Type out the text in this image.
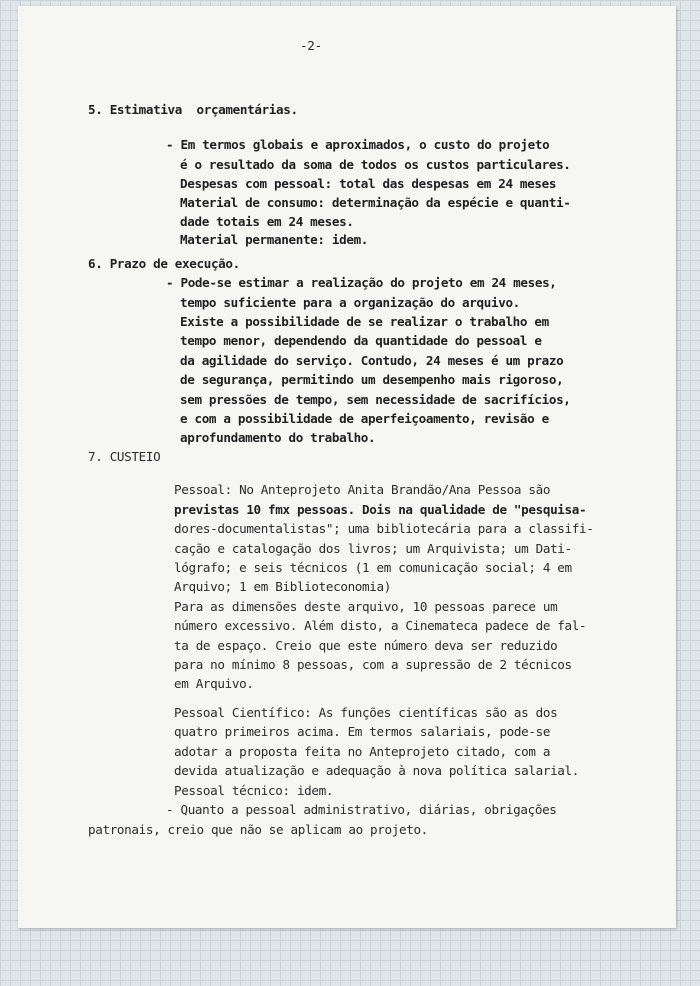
-2-
5. Estimativa  orçamentárias.
- Em termos globais e aproximados, o custo do projeto
é o resultado da soma de todos os custos particulares.
Despesas com pessoal: total das despesas em 24 meses
Material de consumo: determinação da espécie e quanti-
dade totais em 24 meses.
Material permanente: idem.
6. Prazo de execução.
- Pode-se estimar a realização do projeto em 24 meses,
tempo suficiente para a organização do arquivo.
Existe a possibilidade de se realizar o trabalho em
tempo menor, dependendo da quantidade do pessoal e
da agilidade do serviço. Contudo, 24 meses é um prazo
de segurança, permitindo um desempenho mais rigoroso,
sem pressões de tempo, sem necessidade de sacrifícios,
e com a possibilidade de aperfeiçoamento, revisão e
aprofundamento do trabalho.
7. CUSTEIO
Pessoal: No Anteprojeto Anita Brandão/Ana Pessoa são
previstas 10 fmx pessoas. Dois na qualidade de "pesquisa-
dores-documentalistas"; uma bibliotecária para a classifi-
cação e catalogação dos livros; um Arquivista; um Dati-
lógrafo; e seis técnicos (1 em comunicação social; 4 em
Arquivo; 1 em Biblioteconomia)
Para as dimensões deste arquivo, 10 pessoas parece um
número excessivo. Além disto, a Cinemateca padece de fal-
ta de espaço. Creio que este número deva ser reduzido
para no mínimo 8 pessoas, com a supressão de 2 técnicos
em Arquivo.
Pessoal Científico: As funções científicas são as dos
quatro primeiros acima. Em termos salariais, pode-se
adotar a proposta feita no Anteprojeto citado, com a
devida atualização e adequação à nova política salarial.
Pessoal técnico: idem.
- Quanto a pessoal administrativo, diárias, obrigações
patronais, creio que não se aplicam ao projeto.
